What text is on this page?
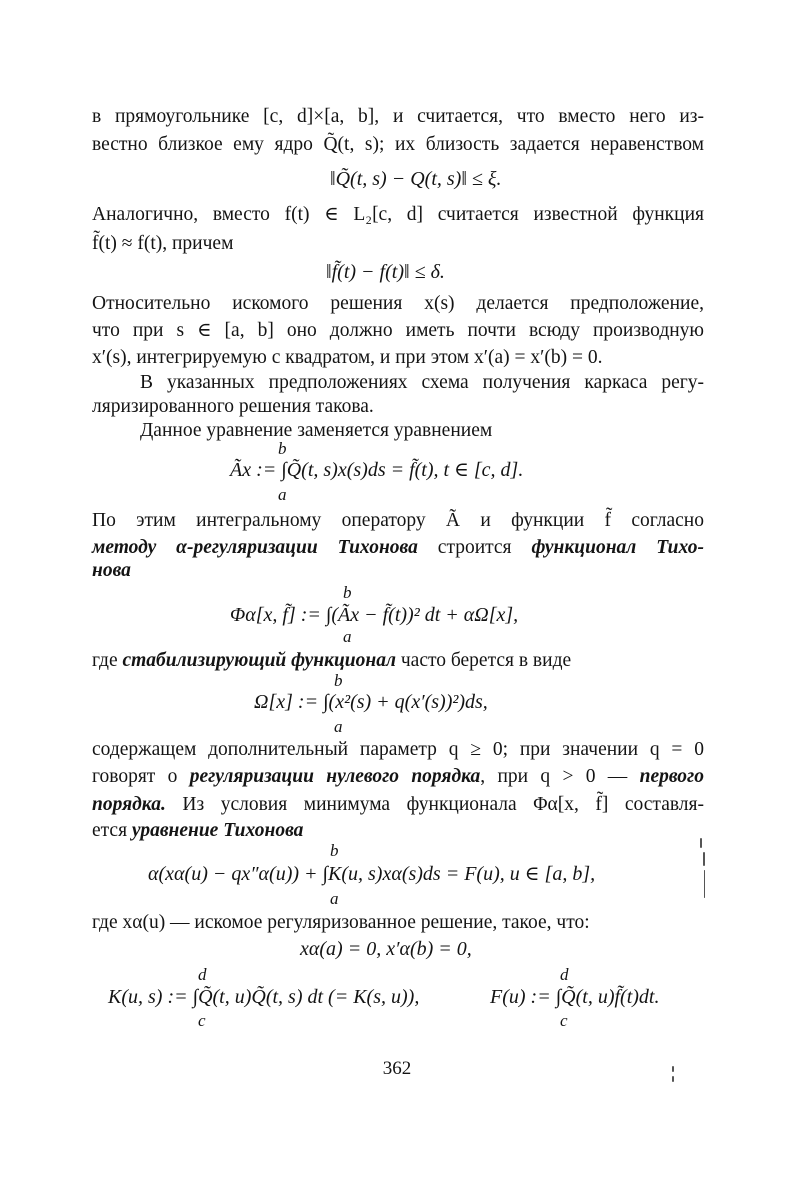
в прямоугольнике [c, d]×[a, b], и считается, что вместо него из-
вестно близкое ему ядро Q̃(t, s); их близость задается неравенством
‖Q̃(t, s) − Q(t, s)‖ ≤ ξ.
Аналогично, вместо f(t) ∈ L₂[c, d] считается известной функция
f̃(t) ≈ f(t), причем
‖f̃(t) − f(t)‖ ≤ δ.
Относительно искомого решения x(s) делается предположение,
что при s ∈ [a, b] оно должно иметь почти всюду производную
x′(s), интегрируемую с квадратом, и при этом x′(a) = x′(b) = 0.
В указанных предположениях схема получения каркаса регу-
ляризированного решения такова.
Данное уравнение заменяется уравнением
b
Ãx := ∫Q̃(t, s)x(s)ds = f̃(t), t ∈ [c, d].
a
По этим интегральному оператору Ã и функции f̃ согласно
методу α-регуляризации Тихонова строится функционал Тихо-
нова
b
Φα[x, f̃] := ∫(Ãx − f̃(t))² dt + αΩ[x],
a
где стабилизирующий функционал часто берется в виде
b
Ω[x] := ∫(x²(s) + q(x′(s))²)ds,
a
содержащем дополнительный параметр q ≥ 0; при значении q = 0
говорят о регуляризации нулевого порядка, при q > 0 — первого
порядка. Из условия минимума функционала Φα[x, f̃] составля-
ется уравнение Тихонова
b
α(xα(u) − qx″α(u)) + ∫K(u, s)xα(s)ds = F(u), u ∈ [a, b],
a
где xα(u) — искомое регуляризованное решение, такое, что:
xα(a) = 0, x′α(b) = 0,
d
K(u, s) := ∫Q̃(t, u)Q̃(t, s) dt (= K(s, u)),
c
d
F(u) := ∫Q̃(t, u)f̃(t)dt.
c
362
